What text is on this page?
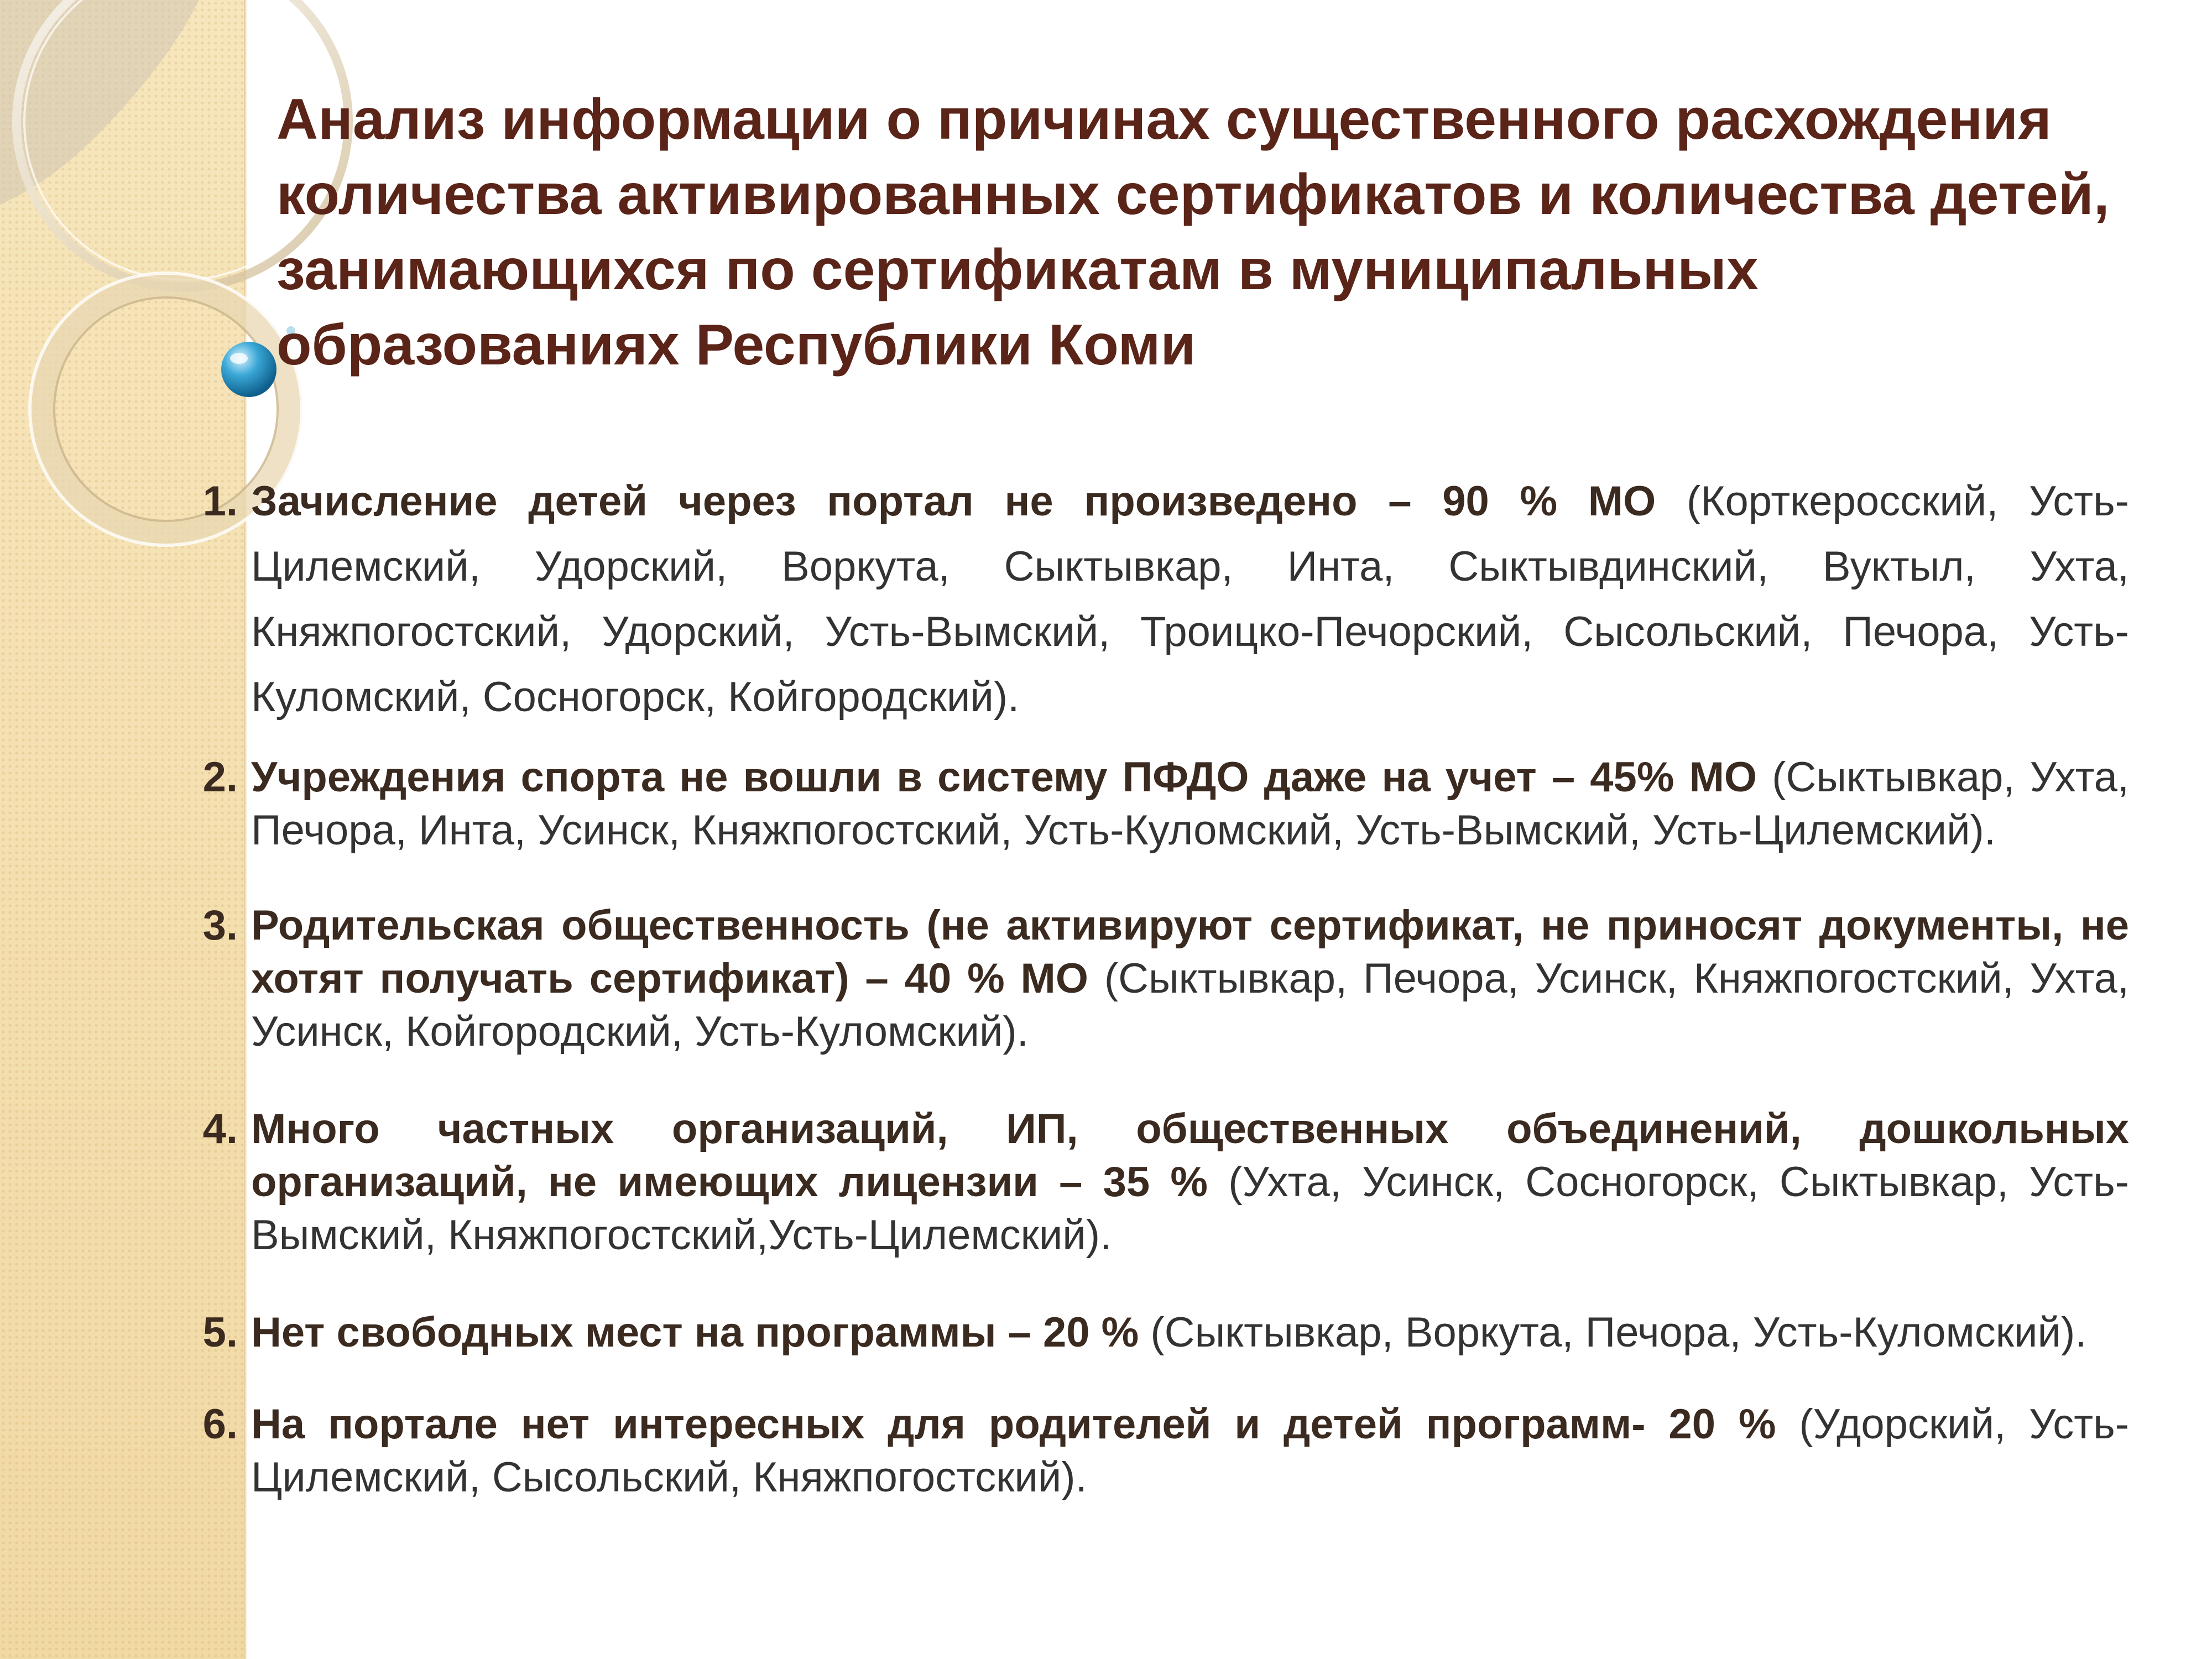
Анализ информации о причинах существенного расхождения количества активированных сертификатов и количества детей, занимающихся по сертификатам в муниципальных образованиях Республики Коми
1. Зачисление детей через портал не произведено – 90 % МО (Корткеросский, Усть-Цилемский, Удорский, Воркута, Сыктывкар, Инта, Сыктывдинский, Вуктыл, Ухта, Княжпогостский, Удорский, Усть-Вымский, Троицко-Печорский, Сысольский, Печора, Усть-Куломский, Сосногорск, Койгородский).
2. Учреждения спорта не вошли в систему ПФДО даже на учет – 45% МО (Сыктывкар, Ухта, Печора, Инта, Усинск, Княжпогостский, Усть-Куломский, Усть-Вымский, Усть-Цилемский).
3. Родительская общественность (не активируют сертификат, не приносят документы, не хотят получать сертификат) – 40 % МО (Сыктывкар, Печора, Усинск, Княжпогостский, Ухта, Усинск, Койгородский, Усть-Куломский).
4. Много частных организаций, ИП, общественных объединений, дошкольных организаций, не имеющих лицензии – 35 % (Ухта, Усинск, Сосногорск, Сыктывкар, Усть-Вымский, Княжпогостский,Усть-Цилемский).
5. Нет свободных мест на программы – 20 % (Сыктывкар, Воркута, Печора, Усть-Куломский).
6. На портале нет интересных для родителей и детей программ- 20 % (Удорский, Усть-Цилемский, Сысольский, Княжпогостский).
